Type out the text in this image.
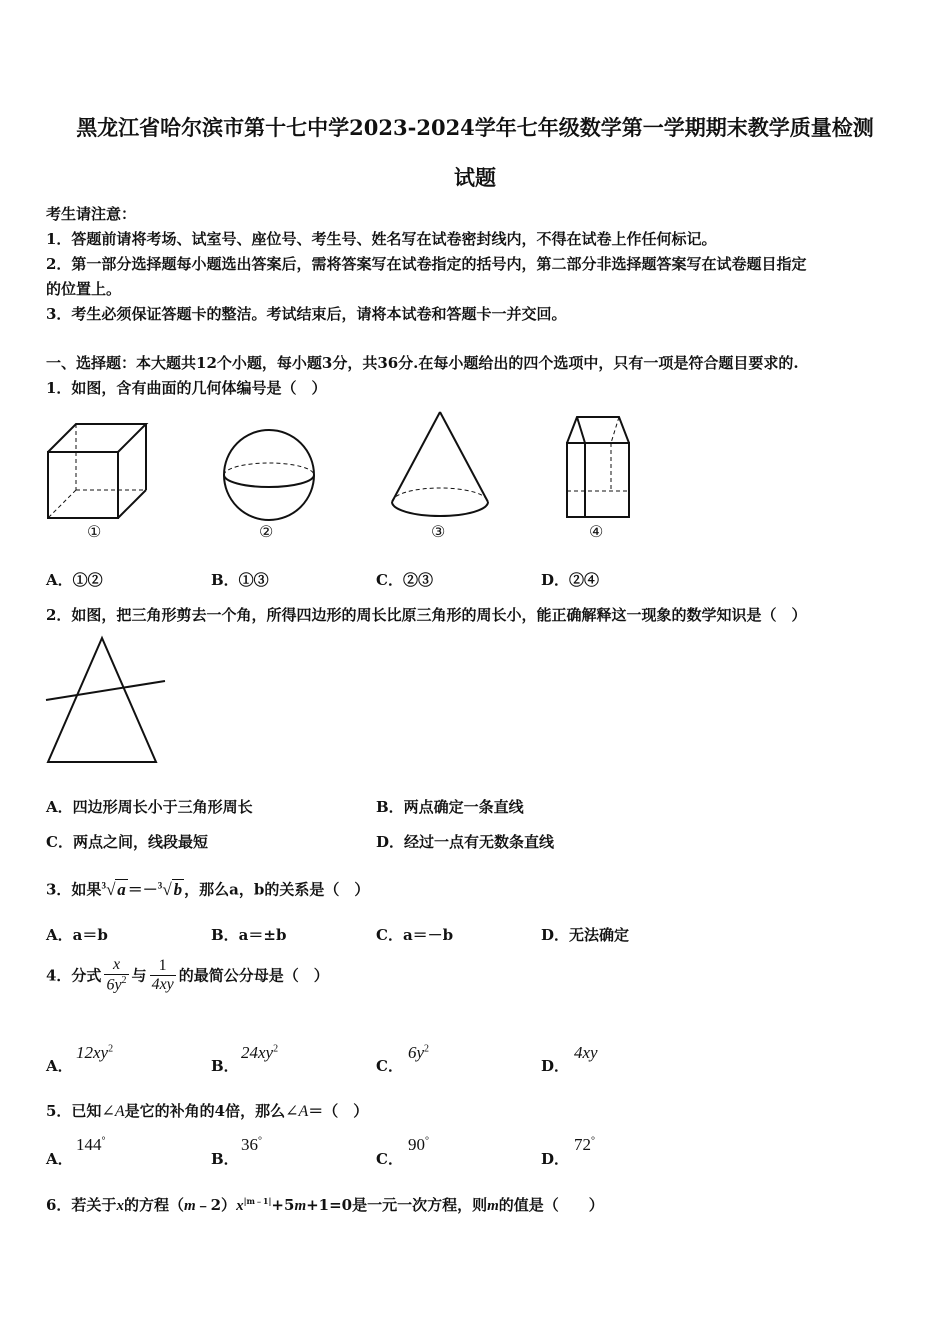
黑龙江省哈尔滨市第十七中学2023-2024学年七年级数学第一学期期末教学质量检测
试题
考生请注意：
1．答题前请将考场、试室号、座位号、考生号、姓名写在试卷密封线内，不得在试卷上作任何标记。
2．第一部分选择题每小题选出答案后，需将答案写在试卷指定的括号内，第二部分非选择题答案写在试卷题目指定
的位置上。
3．考生必须保证答题卡的整洁。考试结束后，请将本试卷和答题卡一并交回。
一、选择题：本大题共12个小题，每小题3分，共36分.在每小题给出的四个选项中，只有一项是符合题目要求的.
1．如图，含有曲面的几何体编号是（　）
①	②	③	④
A．①②	B．①③	C．②③	D．②④
2．如图，把三角形剪去一个角，所得四边形的周长比原三角形的周长小，能正确解释这一现象的数学知识是（　）
A．四边形周长小于三角形周长	B．两点确定一条直线
C．两点之间，线段最短	D．经过一点有无数条直线
3．如果$^3$√ a ＝－$^3$√ b ，那么a，b的关系是（　）
A．a＝b	B．a＝±b	C．a＝－b	D．无法确定
4．分式 $\frac{x}{6y^2}$ 与 $\frac{1}{4xy}$ 的最简公分母是（　）
A．
$12xy^2$
B．
$24xy^2$
C．
$6y^2$
D．
4xy
5．已知∠A是它的补角的4倍，那么∠A＝（　）
A．
144°
B．
36°
C．
90°
D．
72°
6．若关于x的方程$(m﹣2)x^{|m﹣1|}+5m+1=0$是一元一次方程，则m的值是（　　）
